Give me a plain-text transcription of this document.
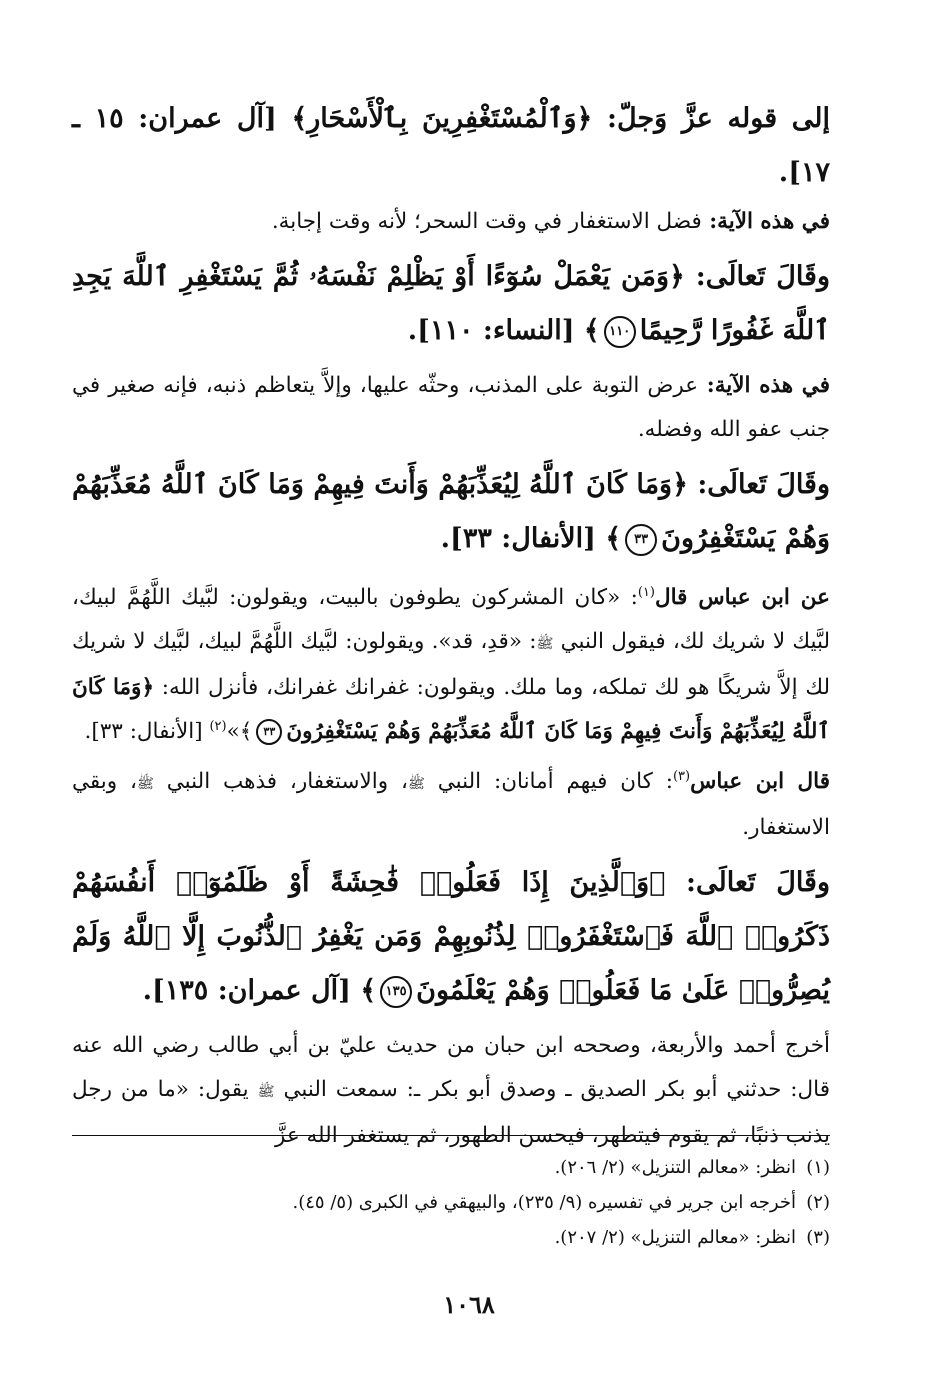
إلى قوله عزَّ وَجلّ: ﴿وَٱلْمُسْتَغْفِرِينَ بِٱلْأَسْحَارِ﴾ [آل عمران: ١٥ ـ ١٧].

في هذه الآية: فضل الاستغفار في وقت السحر؛ لأنه وقت إجابة.

وقَالَ تَعالَى: ﴿وَمَن يَعْمَلْ سُوٓءًا أَوْ يَظْلِمْ نَفْسَهُۥ ثُمَّ يَسْتَغْفِرِ ٱللَّهَ يَجِدِ ٱللَّهَ غَفُورًا رَّحِيمًا١١٠﴾ [النساء: ١١٠].

في هذه الآية: عرض التوبة على المذنب، وحثّه عليها، وإلاَّ يتعاظم ذنبه، فإنه صغير في جنب عفو الله وفضله.

وقَالَ تَعالَى: ﴿وَمَا كَانَ ٱللَّهُ لِيُعَذِّبَهُمْ وَأَنتَ فِيهِمْ وَمَا كَانَ ٱللَّهُ مُعَذِّبَهُمْ وَهُمْ يَسْتَغْفِرُونَ٣٣﴾ [الأنفال: ٣٣].

عن ابن عباس قال$^{(١)}$: «كان المشركون يطوفون بالبيت، ويقولون: لبَّيك اللَّهُمَّ لبيك، لبَّيك لا شريك لك، فيقول النبي ﷺ: «قدِ، قد». ويقولون: لبَّيك اللَّهُمَّ لبيك، لبَّيك لا شريك لك إلاَّ شريكًا هو لك تملكه، وما ملك. ويقولون: غفرانك غفرانك، فأنزل الله: ﴿وَمَا كَانَ ٱللَّهُ لِيُعَذِّبَهُمْ وَأَنتَ فِيهِمْ وَمَا كَانَ ٱللَّهُ مُعَذِّبَهُمْ وَهُمْ يَسْتَغْفِرُونَ٣٣﴾»$^{(٢)}$ [الأنفال: ٣٣].

قال ابن عباس$^{(٣)}$: كان فيهم أمانان: النبي ﷺ، والاستغفار، فذهب النبي ﷺ، وبقي الاستغفار.

وقَالَ تَعالَى: ﴿وَٱلَّذِينَ إِذَا فَعَلُوا۟ فَٰحِشَةً أَوْ ظَلَمُوٓا۟ أَنفُسَهُمْ ذَكَرُوا۟ ٱللَّهَ فَٱسْتَغْفَرُوا۟ لِذُنُوبِهِمْ وَمَن يَغْفِرُ ٱلذُّنُوبَ إِلَّا ٱللَّهُ وَلَمْ يُصِرُّوا۟ عَلَىٰ مَا فَعَلُوا۟ وَهُمْ يَعْلَمُونَ١٣٥﴾ [آل عمران: ١٣٥].

أخرج أحمد والأربعة، وصححه ابن حبان من حديث عليّ بن أبي طالب رضي الله عنه قال: حدثني أبو بكر الصديق ـ وصدق أبو بكر ـ: سمعت النبي ﷺ يقول: «ما من رجل يذنب ذنبًا، ثم يقوم فيتطهر، فيحسن الطهور، ثم يستغفر الله عزَّ

(١)انظر: «معالم التنزيل» (٢/ ٢٠٦).

(٢)أخرجه ابن جرير في تفسيره (٩/ ٢٣٥)، والبيهقي في الكبرى (٥/ ٤٥).

(٣)انظر: «معالم التنزيل» (٢/ ٢٠٧).

١٠٦٨
